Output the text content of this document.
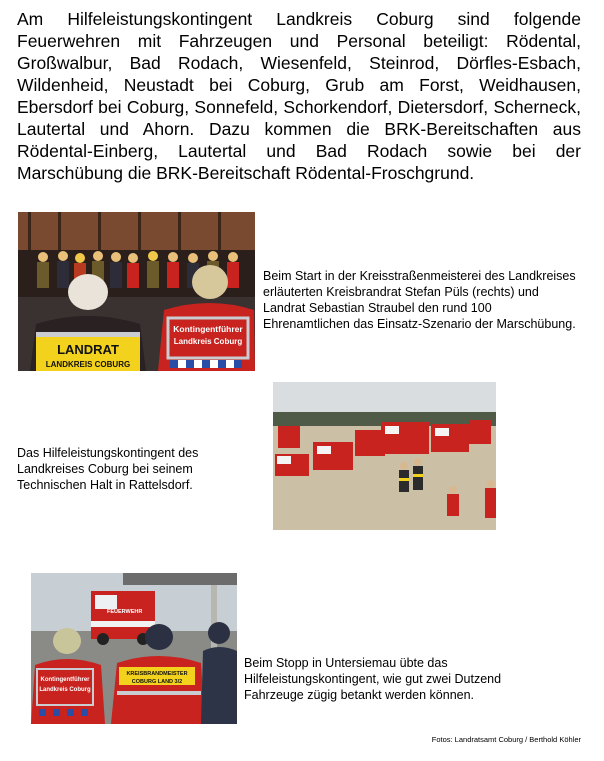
Am Hilfeleistungskontingent Landkreis Coburg sind folgende Feuerwehren mit Fahrzeugen und Personal beteiligt: Rödental, Großwalbur, Bad Rodach, Wiesenfeld, Steinrod, Dörfles-Esbach, Wildenheid, Neustadt bei Coburg, Grub am Forst, Weidhausen, Ebersdorf bei Coburg, Sonnefeld, Schorkendorf, Dietersdorf, Scherneck, Lautertal und Ahorn. Dazu kommen die BRK-Bereitschaften aus Rödental-Einberg, Lautertal und Bad Rodach sowie bei der Marschübung die BRK-Bereitschaft Rödental-Froschgrund.
LANDRAT
LANDKREIS COBURG
Kontingentführer
Landkreis Coburg
Beim Start in der Kreisstraßenmeisterei des Landkreises erläuterten Kreisbrandrat Stefan Püls (rechts) und Landrat Sebastian Straubel den rund 100 Ehrenamtlichen das Einsatz-Szenario der Marschübung.
Das Hilfeleistungskontingent des Landkreises Coburg bei seinem Technischen Halt in Rattelsdorf.
FEUERWEHR
Kontingentführer
Landkreis Coburg
KREISBRANDMEISTER
COBURG LAND 3/2
Beim Stopp in Untersiemau übte das Hilfeleistungskontingent, wie gut zwei Dutzend Fahrzeuge zügig betankt werden können.
Fotos: Landratsamt Coburg / Berthold Köhler
